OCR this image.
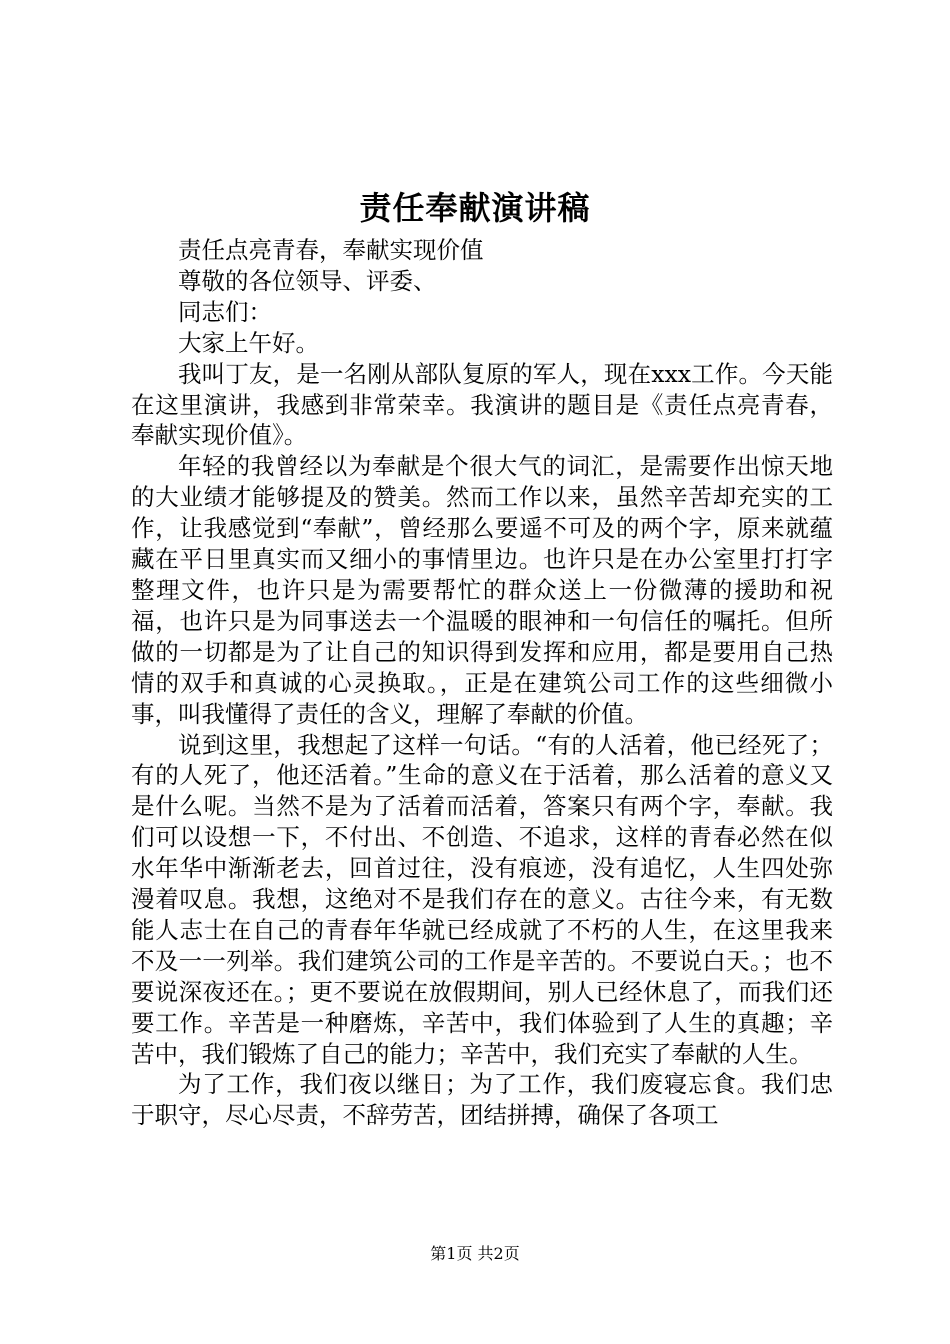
责任奉献演讲稿

责任点亮青春，奉献实现价值

尊敬的各位领导、评委、

同志们：

大家上午好。

我叫丁友，是一名刚从部队复原的军人，现在xxx工作。今天能在这里演讲，我感到非常荣幸。我演讲的题目是《责任点亮青春，奉献实现价值》。

年轻的我曾经以为奉献是个很大气的词汇，是需要作出惊天地的大业绩才能够提及的赞美。然而工作以来，虽然辛苦却充实的工作，让我感觉到“奉献”，曾经那么要遥不可及的两个字，原来就蕴藏在平日里真实而又细小的事情里边。也许只是在办公室里打打字整理文件，也许只是为需要帮忙的群众送上一份微薄的援助和祝福，也许只是为同事送去一个温暖的眼神和一句信任的嘱托。但所做的一切都是为了让自己的知识得到发挥和应用，都是要用自己热情的双手和真诚的心灵换取。，正是在建筑公司工作的这些细微小事，叫我懂得了责任的含义，理解了奉献的价值。

说到这里，我想起了这样一句话。“有的人活着，他已经死了；有的人死了，他还活着。”生命的意义在于活着，那么活着的意义又是什么呢。当然不是为了活着而活着，答案只有两个字，奉献。我们可以设想一下，不付出、不创造、不追求，这样的青春必然在似水年华中渐渐老去，回首过往，没有痕迹，没有追忆，人生四处弥漫着叹息。我想，这绝对不是我们存在的意义。古往今来，有无数能人志士在自己的青春年华就已经成就了不朽的人生，在这里我来不及一一列举。我们建筑公司的工作是辛苦的。不要说白天。；也不要说深夜还在。；更不要说在放假期间，别人已经休息了，而我们还要工作。辛苦是一种磨炼，辛苦中，我们体验到了人生的真趣；辛苦中，我们锻炼了自己的能力；辛苦中，我们充实了奉献的人生。

为了工作，我们夜以继日；为了工作，我们废寝忘食。我们忠于职守，尽心尽责，不辞劳苦，团结拼搏，确保了各项工

第1页 共2页
